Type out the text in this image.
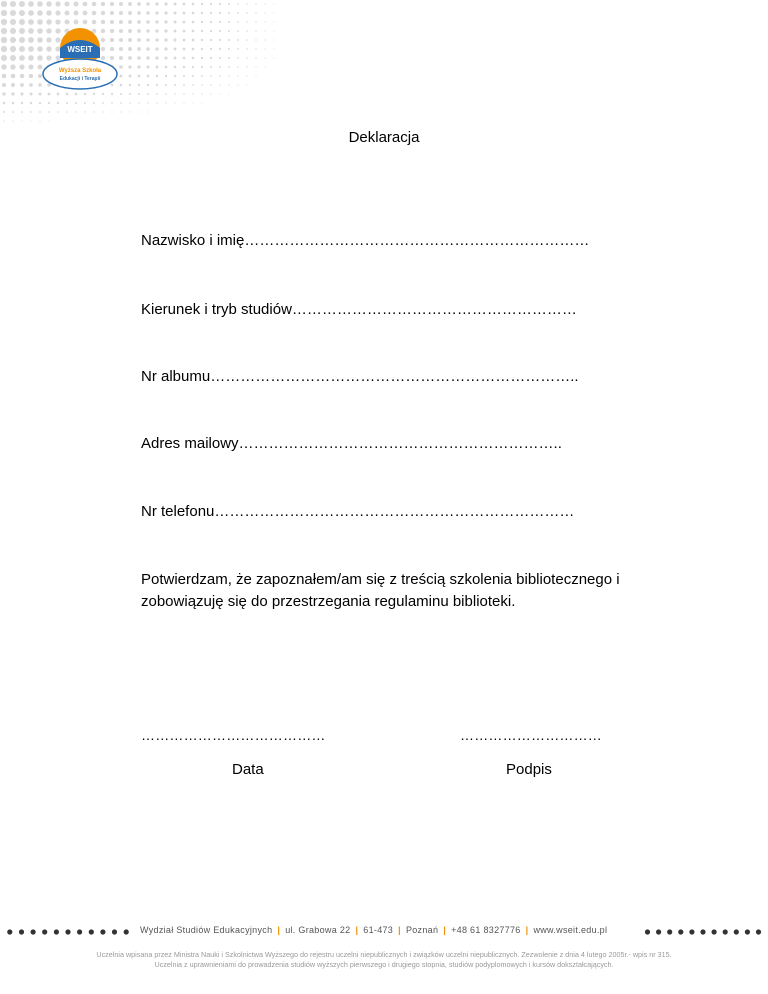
WSEIT
Wyższa Szkoła
Edukacji i Terapii
Deklaracja
Nazwisko i imię……………………………………………………………
Kierunek i tryb studiów…………………………………………………
Nr albumu………………………………………………………………..
Adres mailowy………………………………………………………..
Nr telefonu………………………………………………………………
Potwierdzam, że zapoznałem/am się z treścią szkolenia bibliotecznego i zobowiązuję się do przestrzegania regulaminu biblioteki.
…………………………………	…………………………
Data	Podpis
Wydział Studiów Edukacyjnych | ul. Grabowa 22 | 61-473 | Poznań | +48 61 8327776 | www.wseit.edu.pl
Uczelnia wpisana przez Ministra Nauki i Szkolnictwa Wyższego do rejestru uczelni niepublicznych i związków uczelni niepublicznych. Zezwolenie z dnia 4 lutego 2005r.- wpis nr 315.
Uczelnia z uprawnieniami do prowadzenia studiów wyższych pierwszego i drugiego stopnia, studiów podyplomowych i kursów dokształcających.
